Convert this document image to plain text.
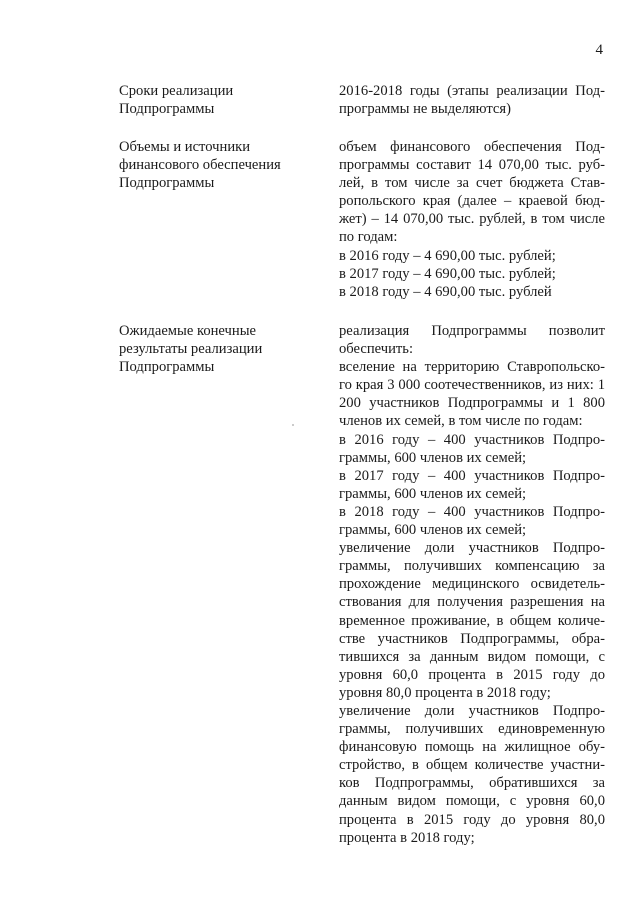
4
Сроки реализации
Подпрограммы

2016-2018 годы (этапы реализации Под-программы не выделяются)

Объемы и источники
финансового обеспечения
Подпрограммы

объем финансового обеспечения Под-программы составит 14 070,00 тыс. руб-лей, в том числе за счет бюджета Став-ропольского края (далее – краевой бюд-жет) – 14 070,00 тыс. рублей, в том числе по годам:

в 2016 году – 4 690,00 тыс. рублей;

в 2017 году – 4 690,00 тыс. рублей;

в 2018 году – 4 690,00 тыс. рублей

Ожидаемые конечные
результаты реализации
Подпрограммы

реализация Подпрограммы позволит обеспечить:

вселение на территорию Ставропольско-го края 3 000 соотечественников, из них: 1 200 участников Подпрограммы и 1 800 членов их семей, в том числе по годам:

в 2016 году – 400 участников Подпро-граммы, 600 членов их семей;

в 2017 году – 400 участников Подпро-граммы, 600 членов их семей;

в 2018 году – 400 участников Подпро-граммы, 600 членов их семей;

увеличение доли участников Подпро-граммы, получивших компенсацию за прохождение медицинского освидетель-ствования для получения разрешения на временное проживание, в общем количе-стве участников Подпрограммы, обра-тившихся за данным видом помощи, с уровня 60,0 процента в 2015 году до уровня 80,0 процента в 2018 году;

увеличение доли участников Подпро-граммы, получивших единовременную финансовую помощь на жилищное обу-стройство, в общем количестве участни-ков Подпрограммы, обратившихся за данным видом помощи, с уровня 60,0 процента в 2015 году до уровня 80,0 процента в 2018 году;
